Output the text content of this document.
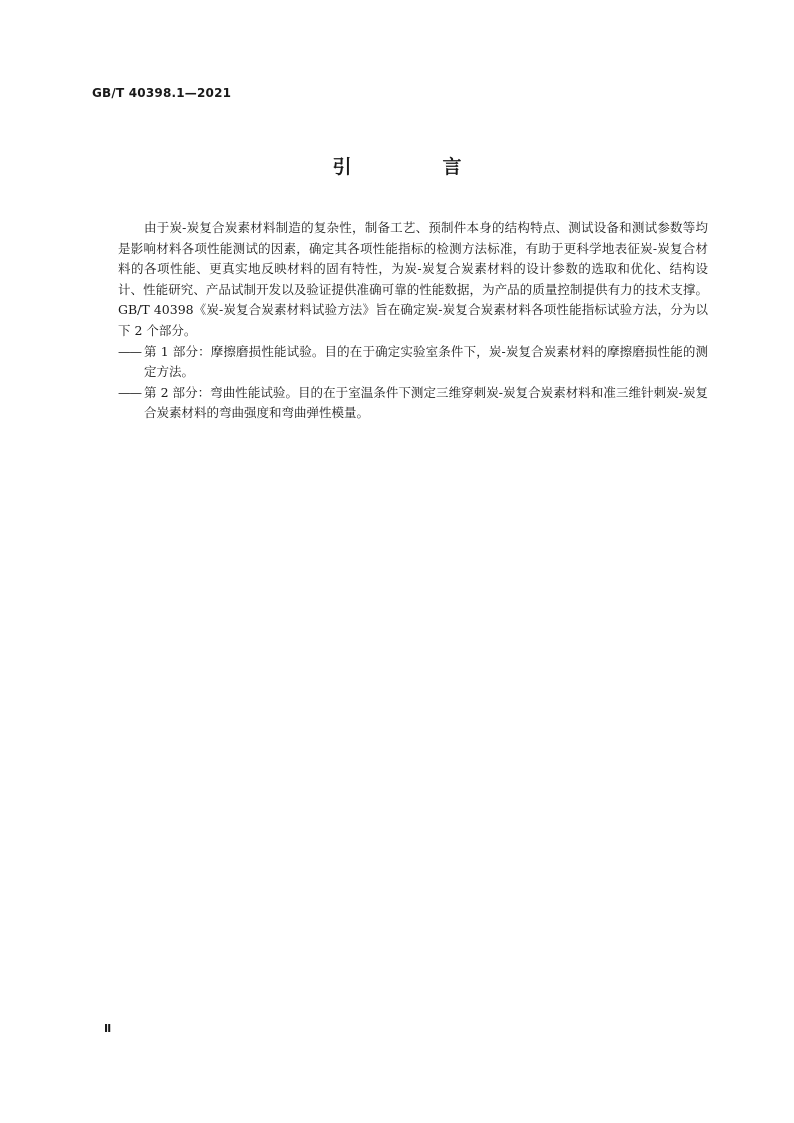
GB/T 40398.1—2021
引　言

由于炭-炭复合炭素材料制造的复杂性，制备工艺、预制件本身的结构特点、测试设备和测试参数等均是影响材料各项性能测试的因素，确定其各项性能指标的检测方法标准，有助于更科学地表征炭-炭复合材料的各项性能、更真实地反映材料的固有特性，为炭-炭复合炭素材料的设计参数的选取和优化、结构设计、性能研究、产品试制开发以及验证提供准确可靠的性能数据，为产品的质量控制提供有力的技术支撑。GB/T 40398《炭-炭复合炭素材料试验方法》旨在确定炭-炭复合炭素材料各项性能指标试验方法，分为以下 2 个部分。

—— 第 1 部分：摩擦磨损性能试验。目的在于确定实验室条件下，炭-炭复合炭素材料的摩擦磨损性能的测定方法。

—— 第 2 部分：弯曲性能试验。目的在于室温条件下测定三维穿刺炭-炭复合炭素材料和准三维针刺炭-炭复合炭素材料的弯曲强度和弯曲弹性模量。

Ⅱ
